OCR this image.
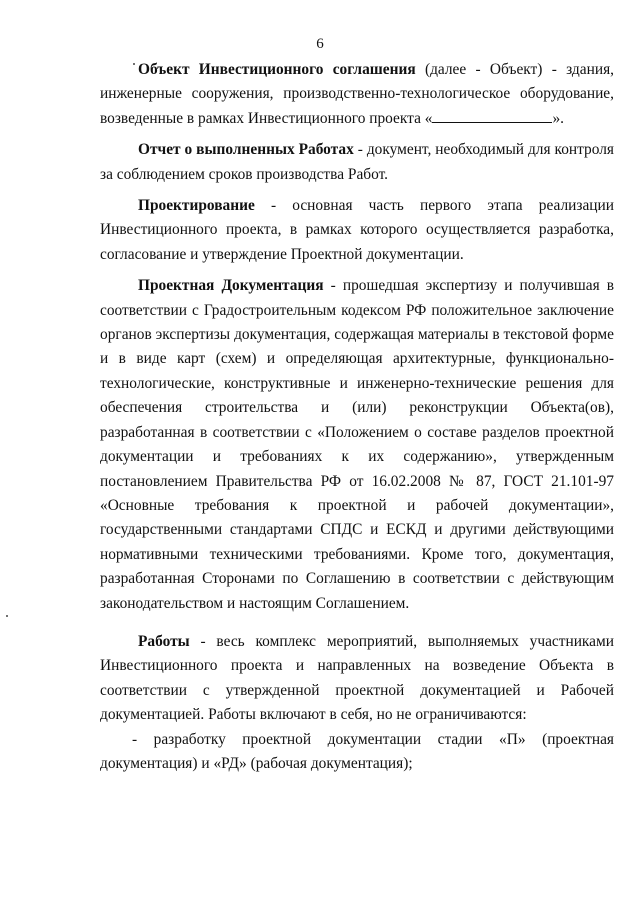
6

Объект Инвестиционного соглашения (далее - Объект) - здания, инженерные сооружения, производственно-технологическое оборудование, возведенные в рамках Инвестиционного проекта «	».

Отчет о выполненных Работах - документ, необходимый для контроля за соблюдением сроков производства Работ.

Проектирование - основная часть первого этапа реализации Инвестиционного проекта, в рамках которого осуществляется разработка, согласование и утверждение Проектной документации.

Проектная Документация - прошедшая экспертизу и получившая в соответствии с Градостроительным кодексом РФ положительное заключение органов экспертизы документация, содержащая материалы в текстовой форме и в виде карт (схем) и определяющая архитектурные, функционально-технологические, конструктивные и инженерно-технические решения для обеспечения строительства и (или) реконструкции Объекта(ов), разработанная в соответствии с «Положением о составе разделов проектной документации и требованиях к их содержанию», утвержденным постановлением Правительства РФ от 16.02.2008 № 87, ГОСТ 21.101-97 «Основные требования к проектной и рабочей документации», государственными стандартами СПДС и ЕСКД и другими действующими нормативными техническими требованиями. Кроме того, документация, разработанная Сторонами по Соглашению в соответствии с действующим законодательством и настоящим Соглашением.

Работы - весь комплекс мероприятий, выполняемых участниками Инвестиционного проекта и направленных на возведение Объекта в соответствии с утвержденной проектной документацией и Рабочей документацией. Работы включают в себя, но не ограничиваются:

- разработку проектной документации стадии «П» (проектная документация) и «РД» (рабочая документация);
